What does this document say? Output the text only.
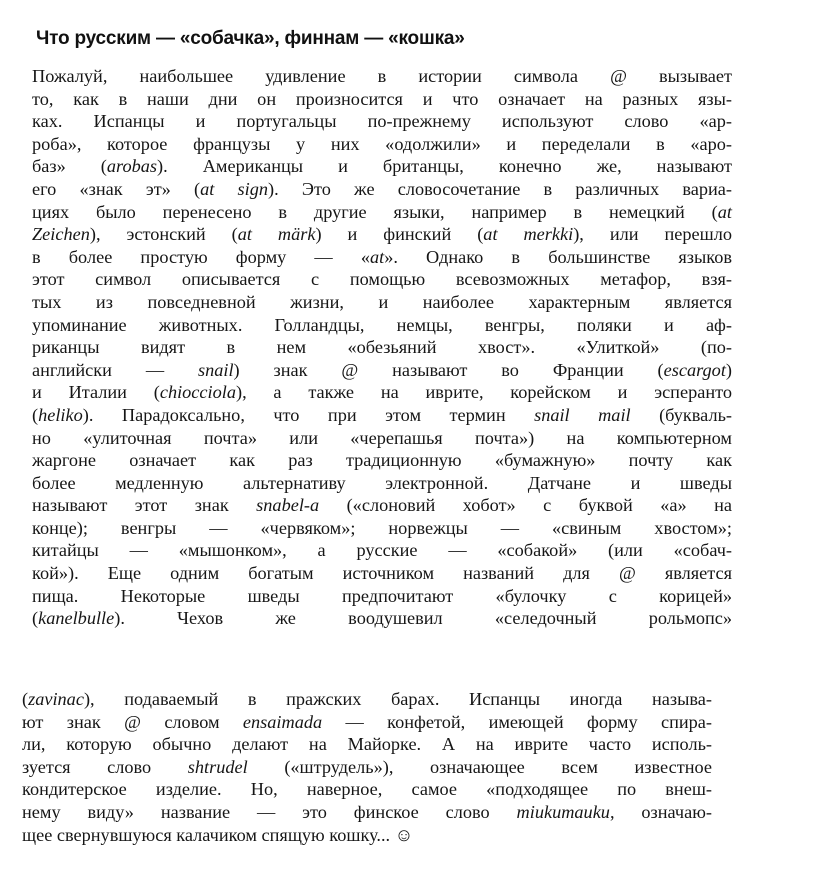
Что русским — «собачка», финнам — «кошка»
Пожалуй, наибольшее удивление в истории символа @ вызывает
то, как в наши дни он произносится и что означает на разных язы-
ках. Испанцы и португальцы по-прежнему используют слово «ар-
роба», которое французы у них «одолжили» и переделали в «аро-
баз» (arobas). Американцы и британцы, конечно же, называют
его «знак эт» (at sign). Это же словосочетание в различных вариа-
циях было перенесено в другие языки, например в немецкий (at
Zeichen), эстонский (at märk) и финский (at merkki), или перешло
в более простую форму — «at». Однако в большинстве языков
этот символ описывается с помощью всевозможных метафор, взя-
тых из повседневной жизни, и наиболее характерным является
упоминание животных. Голландцы, немцы, венгры, поляки и аф-
риканцы видят в нем «обезьяний хвост». «Улиткой» (по-
английски — snail) знак @ называют во Франции (escargot)
и Италии (chiocciola), а также на иврите, корейском и эсперанто
(heliko). Парадоксально, что при этом термин snail mail (букваль-
но «улиточная почта» или «черепашья почта») на компьютерном
жаргоне означает как раз традиционную «бумажную» почту как
более медленную альтернативу электронной. Датчане и шведы
называют этот знак snabel-a («слоновий хобот» с буквой «а» на
конце); венгры — «червяком»; норвежцы — «свиным хвостом»;
китайцы — «мышонком», а русские — «собакой» (или «собач-
кой»). Еще одним богатым источником названий для @ является
пища. Некоторые шведы предпочитают «булочку с корицей»
(kanelbulle). Чехов же воодушевил «селедочный рольмопс»
(zavinac), подаваемый в пражских барах. Испанцы иногда называ-
ют знак @ словом ensaimada — конфетой, имеющей форму спира-
ли, которую обычно делают на Майорке. А на иврите часто исполь-
зуется слово shtrudel («штрудель»), означающее всем известное
кондитерское изделие. Но, наверное, самое «подходящее по внеш-
нему виду» название — это финское слово miukumauku, означаю-
щее свернувшуюся калачиком спящую кошку... ☺
